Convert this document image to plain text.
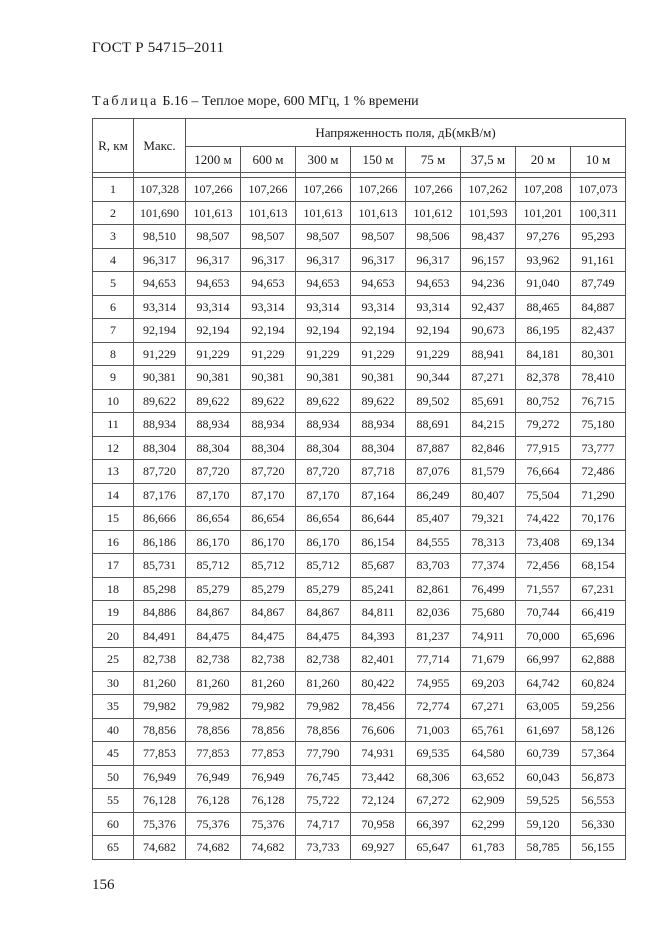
ГОСТ Р 54715–2011
Таблица Б.16 – Теплое море, 600 МГц, 1 % времени
R, км	Макс.	Напряженность поля, дБ(мкВ/м)							
		1200 м	600 м	300 м	150 м	75 м	37,5 м	20 м	10 м

1	107,328	107,266	107,266	107,266	107,266	107,266	107,262	107,208	107,073
2	101,690	101,613	101,613	101,613	101,613	101,612	101,593	101,201	100,311
3	98,510	98,507	98,507	98,507	98,507	98,506	98,437	97,276	95,293
4	96,317	96,317	96,317	96,317	96,317	96,317	96,157	93,962	91,161
5	94,653	94,653	94,653	94,653	94,653	94,653	94,236	91,040	87,749
6	93,314	93,314	93,314	93,314	93,314	93,314	92,437	88,465	84,887
7	92,194	92,194	92,194	92,194	92,194	92,194	90,673	86,195	82,437
8	91,229	91,229	91,229	91,229	91,229	91,229	88,941	84,181	80,301
9	90,381	90,381	90,381	90,381	90,381	90,344	87,271	82,378	78,410
10	89,622	89,622	89,622	89,622	89,622	89,502	85,691	80,752	76,715
11	88,934	88,934	88,934	88,934	88,934	88,691	84,215	79,272	75,180
12	88,304	88,304	88,304	88,304	88,304	87,887	82,846	77,915	73,777
13	87,720	87,720	87,720	87,720	87,718	87,076	81,579	76,664	72,486
14	87,176	87,170	87,170	87,170	87,164	86,249	80,407	75,504	71,290
15	86,666	86,654	86,654	86,654	86,644	85,407	79,321	74,422	70,176
16	86,186	86,170	86,170	86,170	86,154	84,555	78,313	73,408	69,134
17	85,731	85,712	85,712	85,712	85,687	83,703	77,374	72,456	68,154
18	85,298	85,279	85,279	85,279	85,241	82,861	76,499	71,557	67,231
19	84,886	84,867	84,867	84,867	84,811	82,036	75,680	70,744	66,419
20	84,491	84,475	84,475	84,475	84,393	81,237	74,911	70,000	65,696
25	82,738	82,738	82,738	82,738	82,401	77,714	71,679	66,997	62,888
30	81,260	81,260	81,260	81,260	80,422	74,955	69,203	64,742	60,824
35	79,982	79,982	79,982	79,982	78,456	72,774	67,271	63,005	59,256
40	78,856	78,856	78,856	78,856	76,606	71,003	65,761	61,697	58,126
45	77,853	77,853	77,853	77,790	74,931	69,535	64,580	60,739	57,364
50	76,949	76,949	76,949	76,745	73,442	68,306	63,652	60,043	56,873
55	76,128	76,128	76,128	75,722	72,124	67,272	62,909	59,525	56,553
60	75,376	75,376	75,376	74,717	70,958	66,397	62,299	59,120	56,330
65	74,682	74,682	74,682	73,733	69,927	65,647	61,783	58,785	56,155
156
